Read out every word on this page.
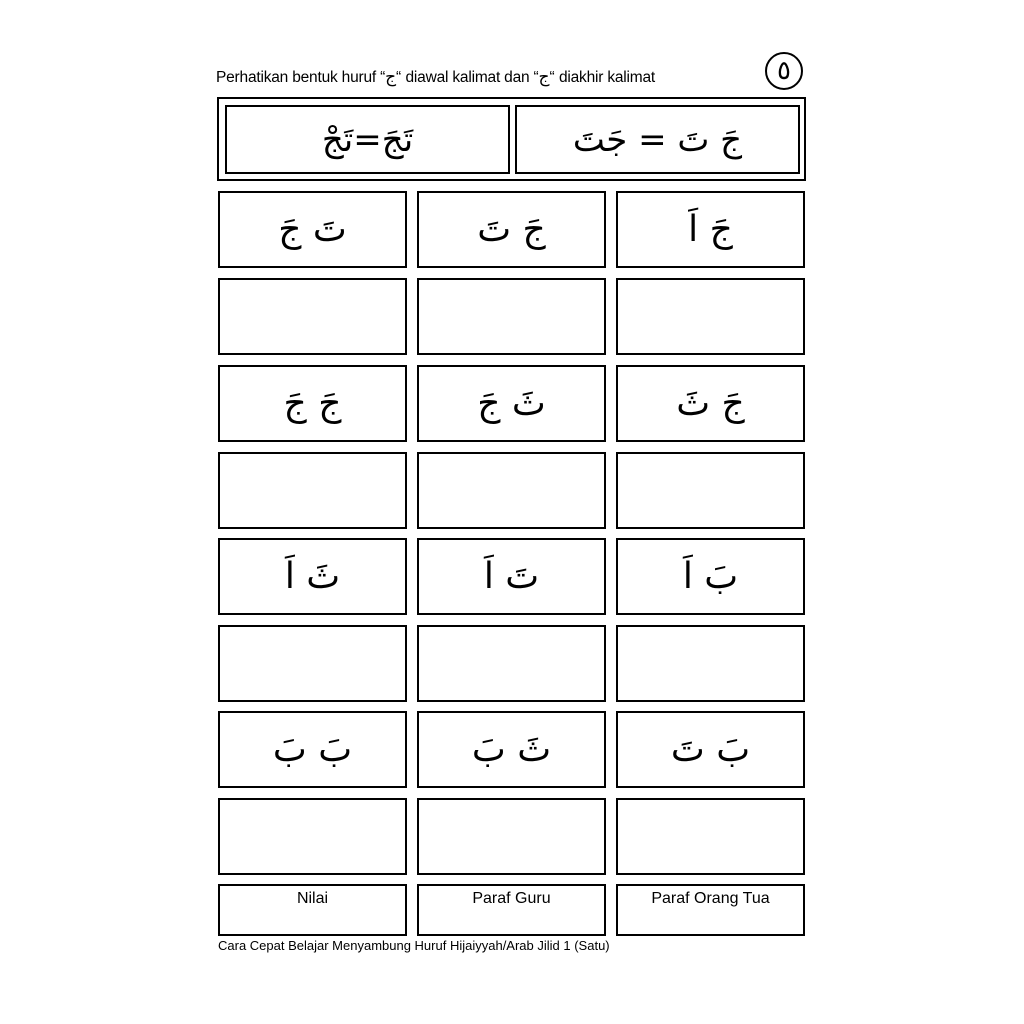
Perhatikan bentuk huruf “ج“ diawal kalimat dan “ج“ diakhir kalimat	٥
تَجَ=تَجْ	جَ تَ = جَتَ
تَ جَ	جَ تَ	جَ اَ
جَ جَ	ثَ جَ	جَ ثَ
ثَ اَ	تَ اَ	بَ اَ
بَ بَ	ثَ بَ	بَ تَ
Nilai	Paraf Guru	Paraf Orang Tua
Cara Cepat Belajar Menyambung Huruf Hijaiyyah/Arab Jilid 1 (Satu)
